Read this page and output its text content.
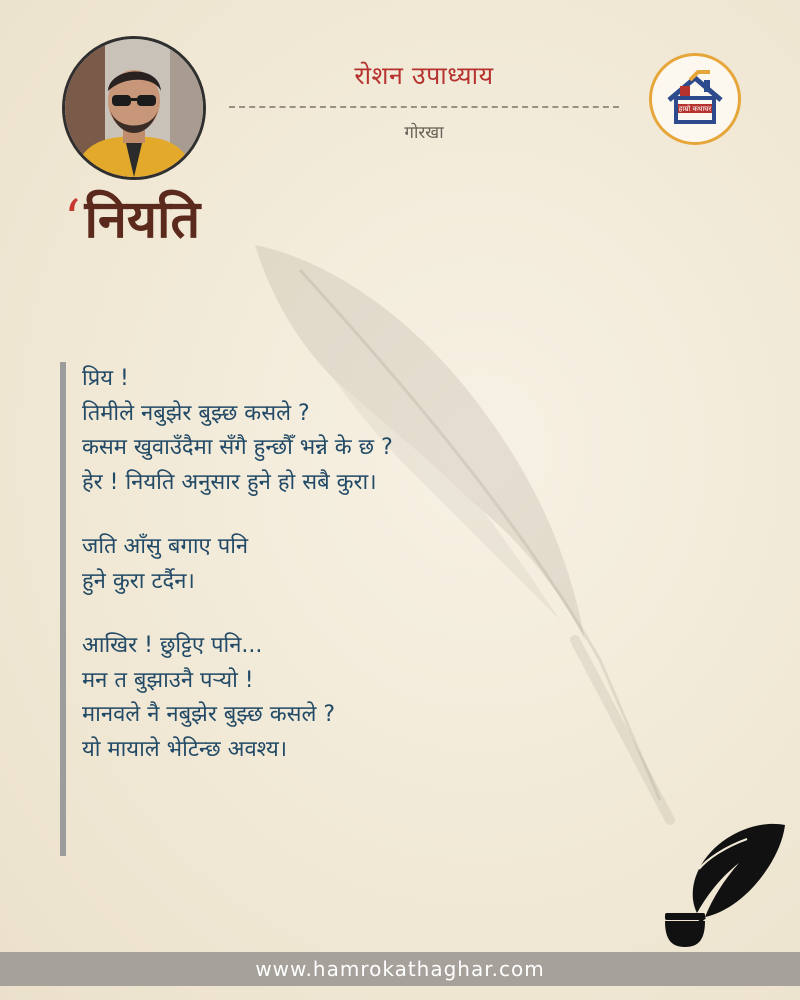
रोशन उपाध्याय
गोरखा
हाम्रो कथाघर
‘ नियति
प्रिय !
तिमीले नबुझेर बुझ्छ कसले ?
कसम खुवाउँदैमा सँगै हुन्छौँ भन्ने के छ ?
हेर ! नियति अनुसार हुने हो सबै कुरा।
जति आँसु बगाए पनि
हुने कुरा टर्दैन।
आखिर ! छुट्टिए पनि...
मन त बुझाउनै पऱ्यो !
मानवले नै नबुझेर बुझ्छ कसले ?
यो मायाले भेटिन्छ अवश्य।
www.hamrokathaghar.com
